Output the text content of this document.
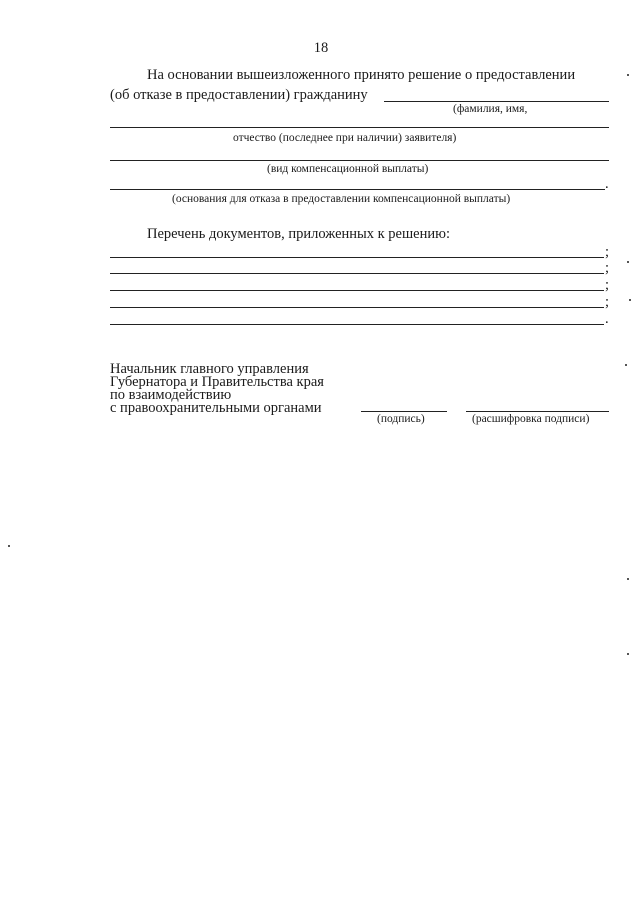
18
На основании вышеизложенного принято решение о предоставлении
(об отказе в предоставлении) гражданину
(фамилия, имя,
отчество (последнее при наличии) заявителя)
(вид компенсационной выплаты)
.
(основания для отказа в предоставлении компенсационной выплаты)
Перечень документов, приложенных к решению:
;
;
;
;
.
Начальник главного управления
Губернатора и Правительства края
по взаимодействию
с правоохранительными органами
(подпись)	(расшифровка подписи)
